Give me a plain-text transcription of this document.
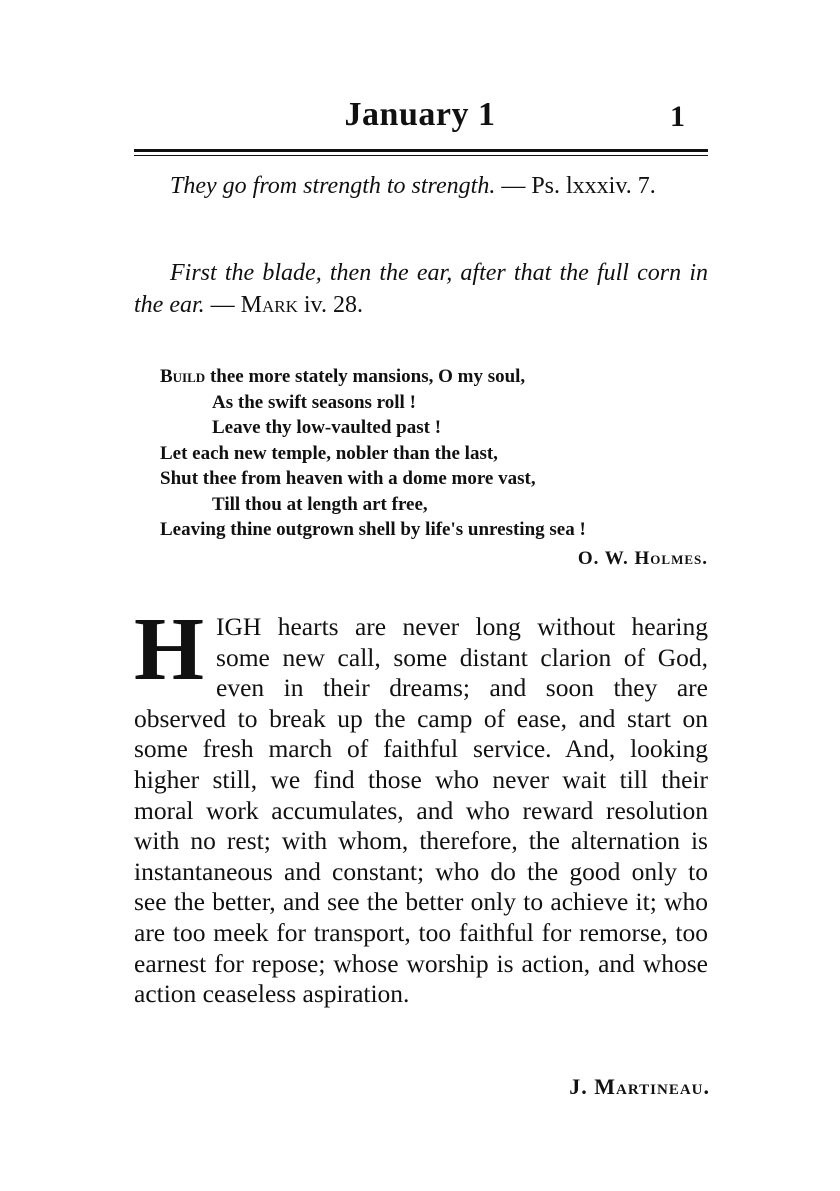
January 1	1
They go from strength to strength. — Ps. lxxxiv. 7.
First the blade, then the ear, after that the full corn in the ear. — Mark iv. 28.
Build thee more stately mansions, O my soul,
As the swift seasons roll !
Leave thy low-vaulted past !
Let each new temple, nobler than the last,
Shut thee from heaven with a dome more vast,
Till thou at length art free,
Leaving thine outgrown shell by life's unresting sea !
O. W. Holmes.
H IGH hearts are never long without hearing some new call, some distant clarion of God, even in their dreams; and soon they are observed to break up the camp of ease, and start on some fresh march of faithful service. And, looking higher still, we find those who never wait till their moral work accumulates, and who reward resolution with no rest; with whom, therefore, the alternation is instantaneous and constant; who do the good only to see the better, and see the better only to achieve it; who are too meek for transport, too faithful for remorse, too earnest for repose; whose worship is action, and whose action ceaseless aspiration.
J. Martineau.
